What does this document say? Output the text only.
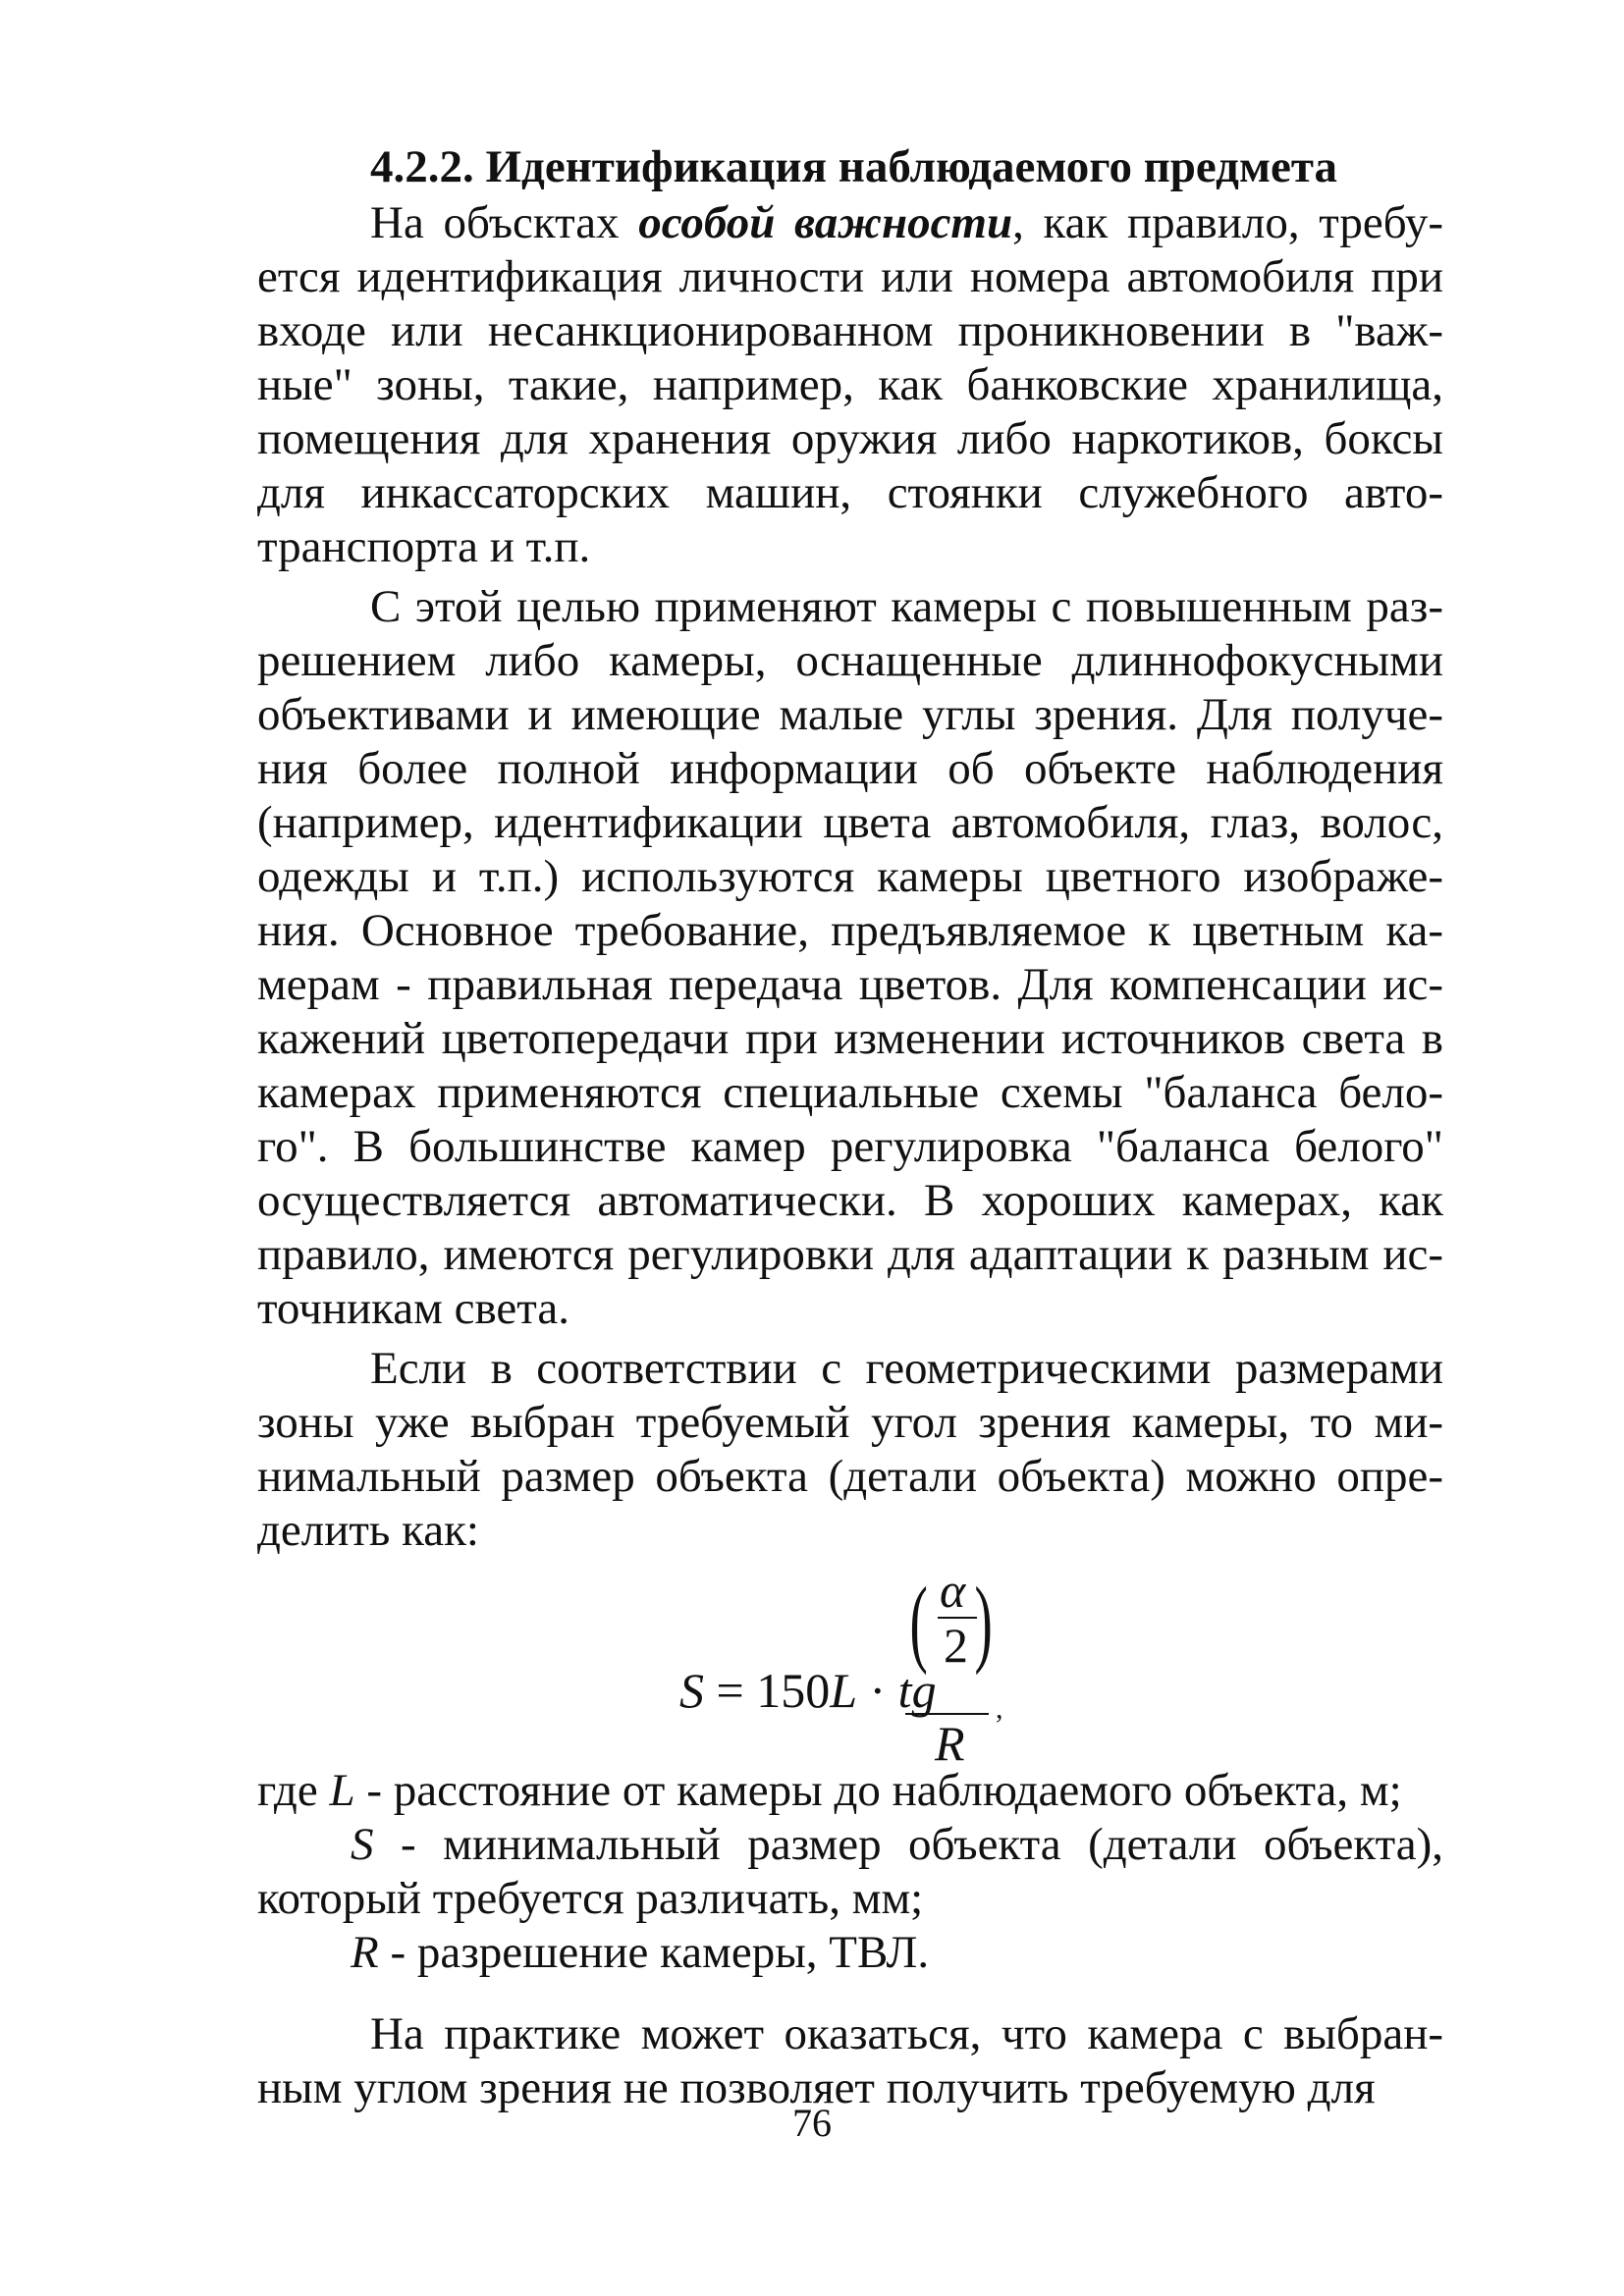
4.2.2. Идентификация наблюдаемого предмета

На объсктах особой важности, как правило, требу-ется идентификация личности или номера автомобиля при входе или несанкционированном проникновении в "важ-ные" зоны, такие, например, как банковские хранилища, помещения для хранения оружия либо наркотиков, боксы для инкассаторских машин, стоянки служебного авто-транспорта и т.п.

С этой целью применяют камеры с повышенным раз-решением либо камеры, оснащенные длиннофокусными объективами и имеющие малые углы зрения. Для получе-ния более полной информации об объекте наблюдения (например, идентификации цвета автомобиля, глаз, волос, одежды и т.п.) используются камеры цветного изображе-ния. Основное требование, предъявляемое к цветным ка-мерам - правильная передача цветов. Для компенсации ис-кажений цветопередачи при изменении источников света в камерах применяются специальные схемы "баланса бело-го". В большинстве камер регулировка "баланса белого" осуществляется автоматически. В хороших камерах, как правило, имеются регулировки для адаптации к разным ис-точникам света.

Если в соответствии с геометрическими размерами зоны уже выбран требуемый угол зрения камеры, то ми-нимальный размер объекта (детали объекта) можно опре-делить как:

S = 150L · tg
( α
2 )
R
,

где L - расстояние от камеры до наблюдаемого объекта, м;

S - минимальный размер объекта (детали объекта), который требуется различать, мм;

R - разрешение камеры, ТВЛ.

На практике может оказаться, что камера с выбран-ным углом зрения не позволяет получить требуемую для

76
